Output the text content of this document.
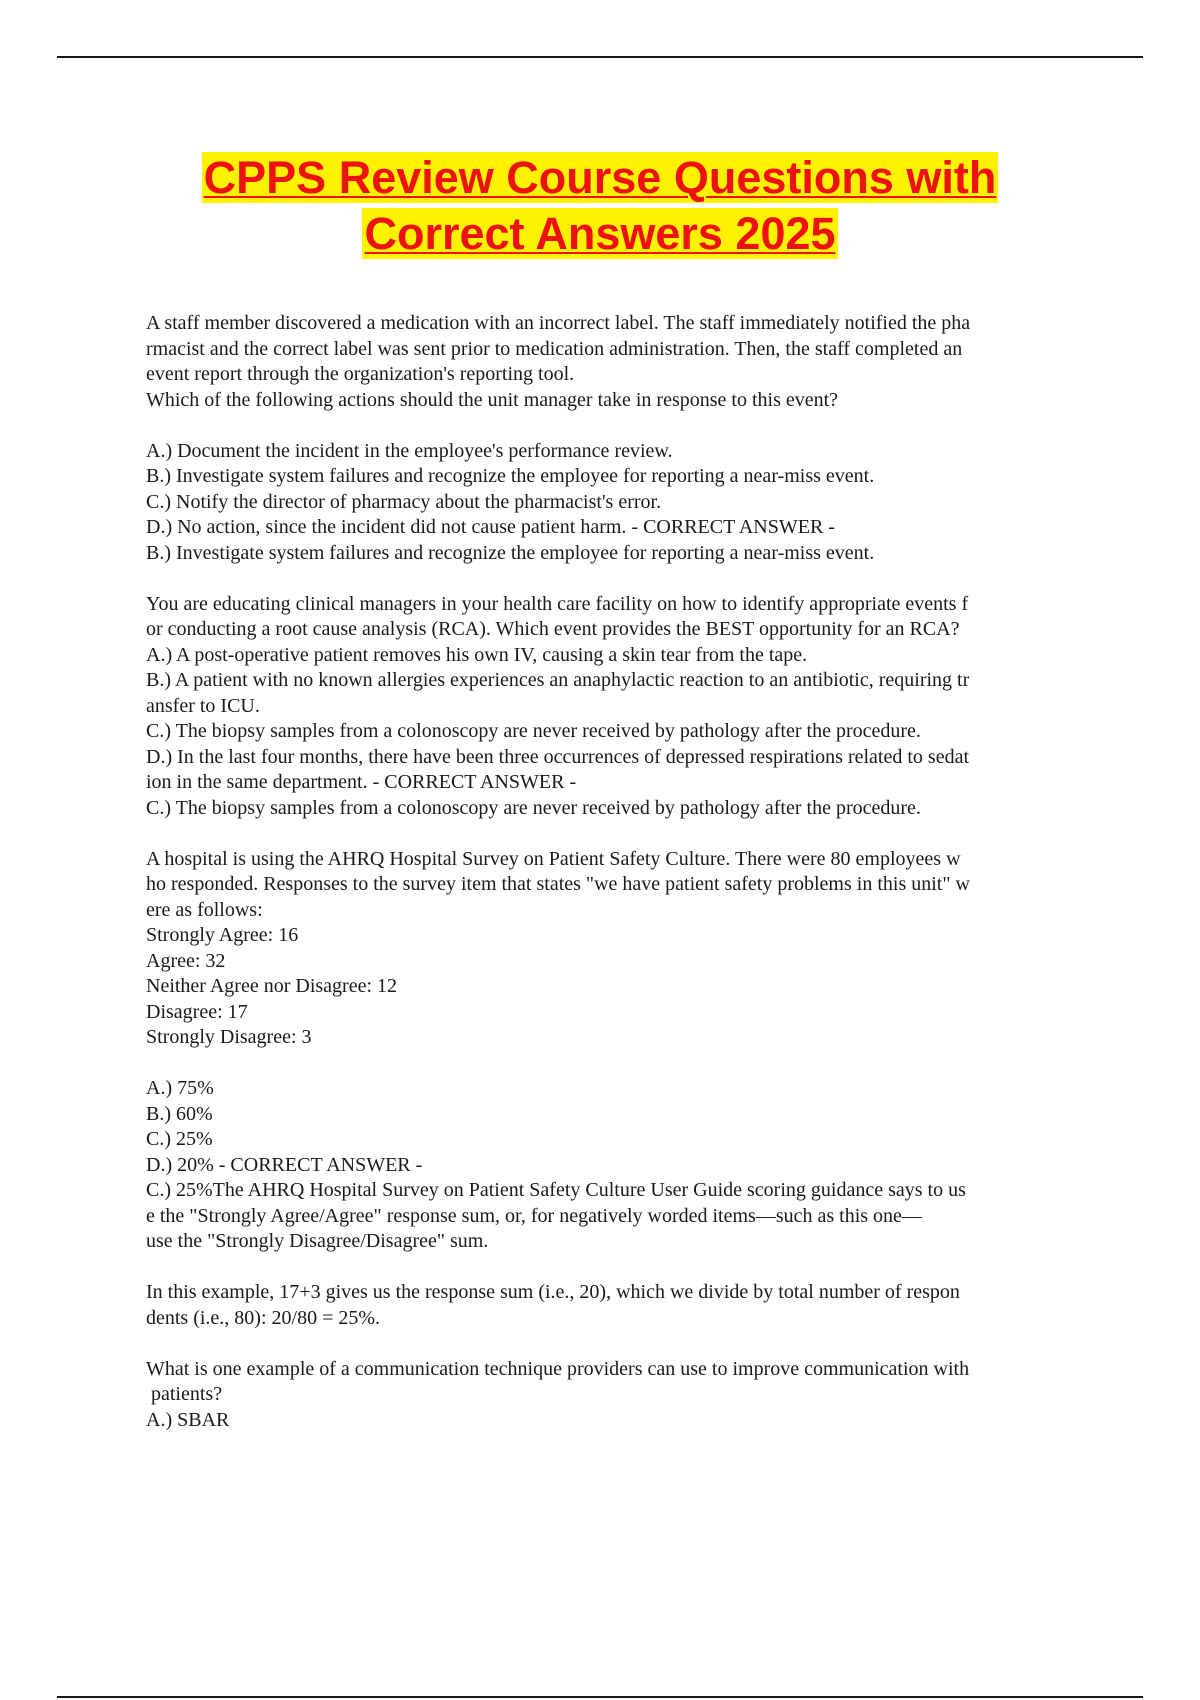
CPPS Review Course Questions with
Correct Answers 2025
A staff member discovered a medication with an incorrect label. The staff immediately notified the pha
rmacist and the correct label was sent prior to medication administration. Then, the staff completed an
event report through the organization's reporting tool.
Which of the following actions should the unit manager take in response to this event?
A.) Document the incident in the employee's performance review.
B.) Investigate system failures and recognize the employee for reporting a near-miss event.
C.) Notify the director of pharmacy about the pharmacist's error.
D.) No action, since the incident did not cause patient harm. - CORRECT ANSWER -
B.) Investigate system failures and recognize the employee for reporting a near-miss event.
You are educating clinical managers in your health care facility on how to identify appropriate events f
or conducting a root cause analysis (RCA). Which event provides the BEST opportunity for an RCA?
A.) A post-operative patient removes his own IV, causing a skin tear from the tape.
B.) A patient with no known allergies experiences an anaphylactic reaction to an antibiotic, requiring tr
ansfer to ICU.
C.) The biopsy samples from a colonoscopy are never received by pathology after the procedure.
D.) In the last four months, there have been three occurrences of depressed respirations related to sedat
ion in the same department. - CORRECT ANSWER -
C.) The biopsy samples from a colonoscopy are never received by pathology after the procedure.
A hospital is using the AHRQ Hospital Survey on Patient Safety Culture. There were 80 employees w
ho responded. Responses to the survey item that states "we have patient safety problems in this unit" w
ere as follows:
Strongly Agree: 16
Agree: 32
Neither Agree nor Disagree: 12
Disagree: 17
Strongly Disagree: 3
A.) 75%
B.) 60%
C.) 25%
D.) 20% - CORRECT ANSWER -
C.) 25%The AHRQ Hospital Survey on Patient Safety Culture User Guide scoring guidance says to us
e the "Strongly Agree/Agree" response sum, or, for negatively worded items—such as this one—
use the "Strongly Disagree/Disagree" sum.
In this example, 17+3 gives us the response sum (i.e., 20), which we divide by total number of respon
dents (i.e., 80): 20/80 = 25%.
What is one example of a communication technique providers can use to improve communication with
patients?
A.) SBAR
